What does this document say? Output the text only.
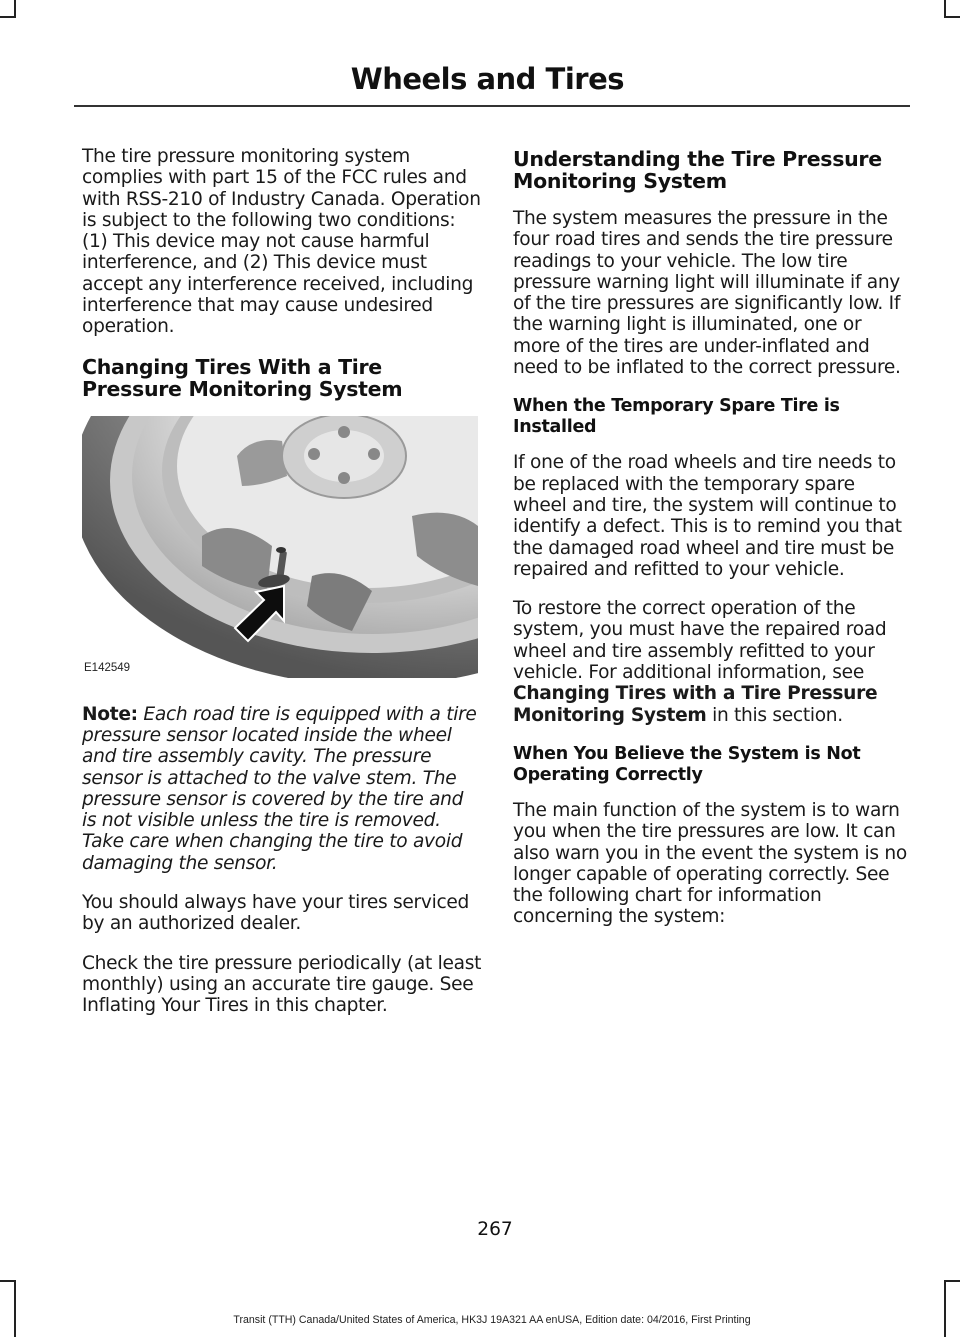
Wheels and Tires

The tire pressure monitoring system complies with part 15 of the FCC rules and with RSS-210 of Industry Canada. Operation is subject to the following two conditions: (1) This device may not cause harmful interference, and (2) This device must accept any interference received, including interference that may cause undesired operation.

Changing Tires With a Tire Pressure Monitoring System
E142549

Note: Each road tire is equipped with a tire pressure sensor located inside the wheel and tire assembly cavity. The pressure sensor is attached to the valve stem. The pressure sensor is covered by the tire and is not visible unless the tire is removed. Take care when changing the tire to avoid damaging the sensor.

You should always have your tires serviced by an authorized dealer.

Check the tire pressure periodically (at least monthly) using an accurate tire gauge. See Inflating Your Tires in this chapter.

Understanding the Tire Pressure Monitoring System

The system measures the pressure in the four road tires and sends the tire pressure readings to your vehicle. The low tire pressure warning light will illuminate if any of the tire pressures are significantly low. If the warning light is illuminated, one or more of the tires are under-inflated and need to be inflated to the correct pressure.

When the Temporary Spare Tire is Installed

If one of the road wheels and tire needs to be replaced with the temporary spare wheel and tire, the system will continue to identify a defect. This is to remind you that the damaged road wheel and tire must be repaired and refitted to your vehicle.

To restore the correct operation of the system, you must have the repaired road wheel and tire assembly refitted to your vehicle. For additional information, see Changing Tires with a Tire Pressure Monitoring System in this section.

When You Believe the System is Not Operating Correctly

The main function of the system is to warn you when the tire pressures are low. It can also warn you in the event the system is no longer capable of operating correctly. See the following chart for information concerning the system:

267
Transit (TTH) Canada/United States of America, HK3J 19A321 AA enUSA, Edition date: 04/2016, First Printing
